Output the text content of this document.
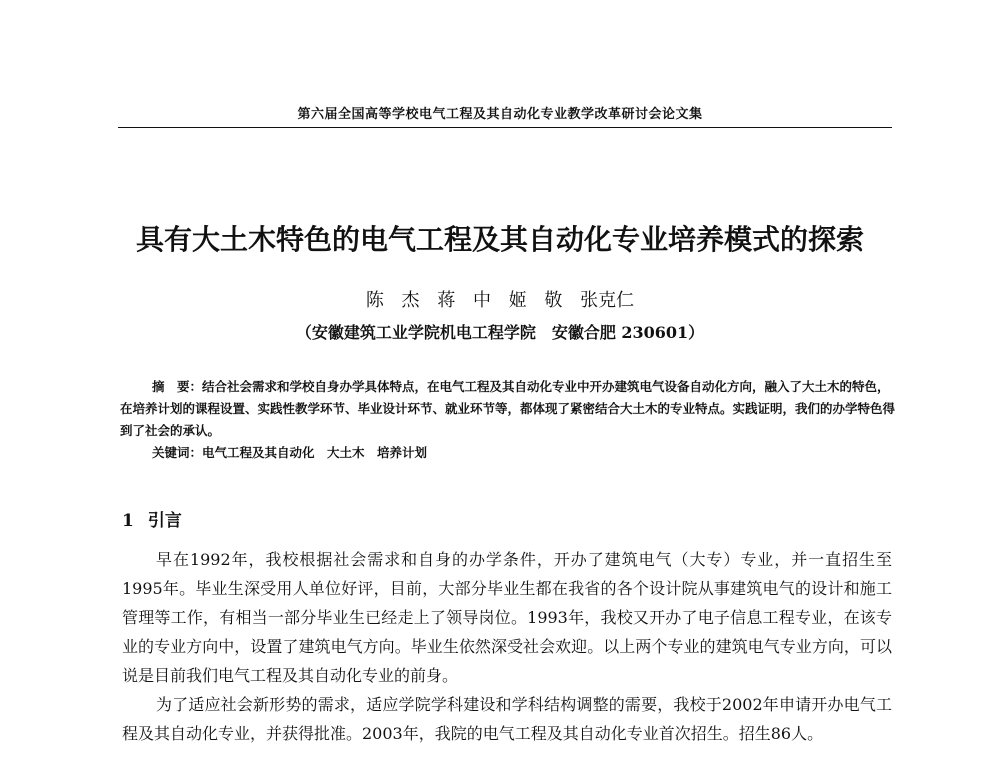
第六届全国高等学校电气工程及其自动化专业教学改革研讨会论文集
具有大土木特色的电气工程及其自动化专业培养模式的探索
陈 杰 蒋 中 姬 敬 张克仁
（安徽建筑工业学院机电工程学院　安徽合肥 230601）

摘　要：结合社会需求和学校自身办学具体特点，在电气工程及其自动化专业中开办建筑电气设备自动化方向，融入了大土木的特色，在培养计划的课程设置、实践性教学环节、毕业设计环节、就业环节等，都体现了紧密结合大土木的专业特点。实践证明，我们的办学特色得到了社会的承认。

关键词：电气工程及其自动化　大土木　培养计划

1 引言

早在1992年，我校根据社会需求和自身的办学条件，开办了建筑电气（大专）专业，并一直招生至1995年。毕业生深受用人单位好评，目前，大部分毕业生都在我省的各个设计院从事建筑电气的设计和施工管理等工作，有相当一部分毕业生已经走上了领导岗位。1993年，我校又开办了电子信息工程专业，在该专业的专业方向中，设置了建筑电气方向。毕业生依然深受社会欢迎。以上两个专业的建筑电气专业方向，可以说是目前我们电气工程及其自动化专业的前身。

为了适应社会新形势的需求，适应学院学科建设和学科结构调整的需要，我校于2002年申请开办电气工程及其自动化专业，并获得批准。2003年，我院的电气工程及其自动化专业首次招生。招生86人。
